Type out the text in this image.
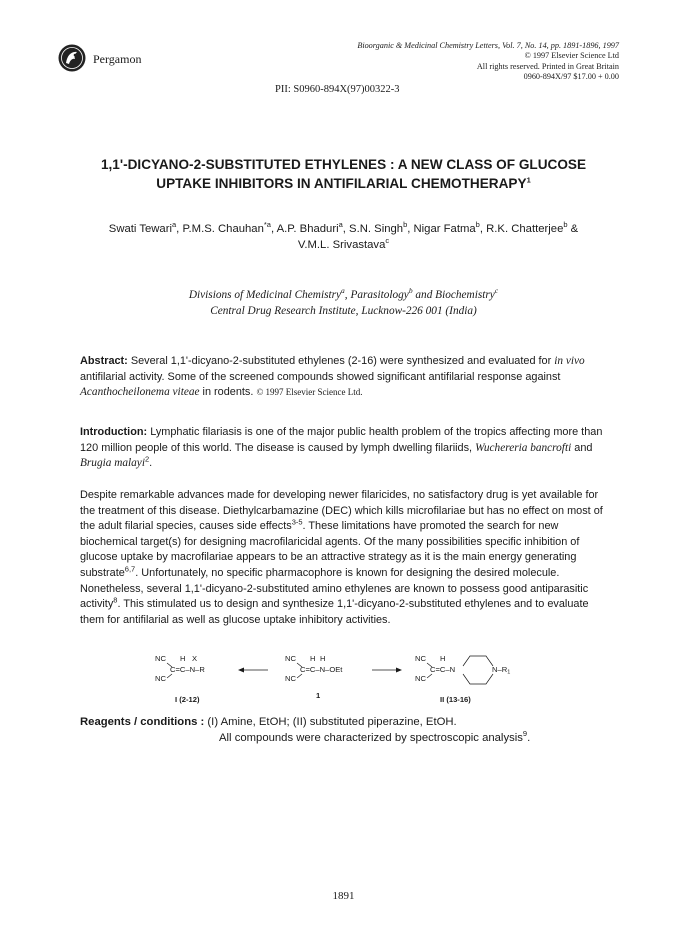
Pergamon
Bioorganic & Medicinal Chemistry Letters, Vol. 7, No. 14, pp. 1891-1896, 1997
© 1997 Elsevier Science Ltd
All rights reserved. Printed in Great Britain
0960-894X/97 $17.00 + 0.00
PII: S0960-894X(97)00322-3
1,1'-DICYANO-2-SUBSTITUTED ETHYLENES : A NEW CLASS OF GLUCOSE
UPTAKE INHIBITORS IN ANTIFILARIAL CHEMOTHERAPY$^1$
Swati Tewari$^a$, P.M.S. Chauhan$^{*a}$, A.P. Bhaduri$^a$, S.N. Singh$^b$, Nigar Fatma$^b$, R.K. Chatterjee$^b$ &
V.M.L. Srivastava$^c$
Divisions of Medicinal Chemistry$^a$, Parasitology$^b$ and Biochemistry$^c$
Central Drug Research Institute, Lucknow-226 001 (India)
Abstract: Several 1,1'-dicyano-2-substituted ethylenes (2-16) were synthesized and evaluated for in vivo antifilarial activity. Some of the screened compounds showed significant antifilarial response against Acanthocheilonema viteae in rodents. © 1997 Elsevier Science Ltd.
Introduction: Lymphatic filariasis is one of the major public health problem of the tropics affecting more than 120 million people of this world. The disease is caused by lymph dwelling filariids, Wuchereria bancrofti and Brugia malayi$^2$.
Despite remarkable advances made for developing newer filaricides, no satisfactory drug is yet available for the treatment of this disease. Diethylcarbamazine (DEC) which kills microfilariae but has no effect on most of the adult filarial species, causes side effects$^{3-5}$. These limitations have promoted the search for new biochemical target(s) for designing macrofilaricidal agents. Of the many possibilities specific inhibition of glucose uptake by macrofilariae appears to be an attractive strategy as it is the main energy generating substrate$^{6,7}$. Unfortunately, no specific pharmacophore is known for designing the desired molecule. Nonetheless, several 1,1'-dicyano-2-substituted amino ethylenes are known to possess good antiparasitic activity$^8$. This stimulated us to design and synthesize 1,1'-dicyano-2-substituted ethylenes and to evaluate them for antifilarial as well as glucose uptake inhibitory activities.
NC H X
C=C–N–R
NC
I (2-12)
NC H H
C=C–N–OEt
NC
1
NC H
C=C–N
NC
N–R1
II (13-16)
Reagents / conditions : (I) Amine, EtOH; (II) substituted piperazine, EtOH.
All compounds were characterized by spectroscopic analysis$^9$.
1891
